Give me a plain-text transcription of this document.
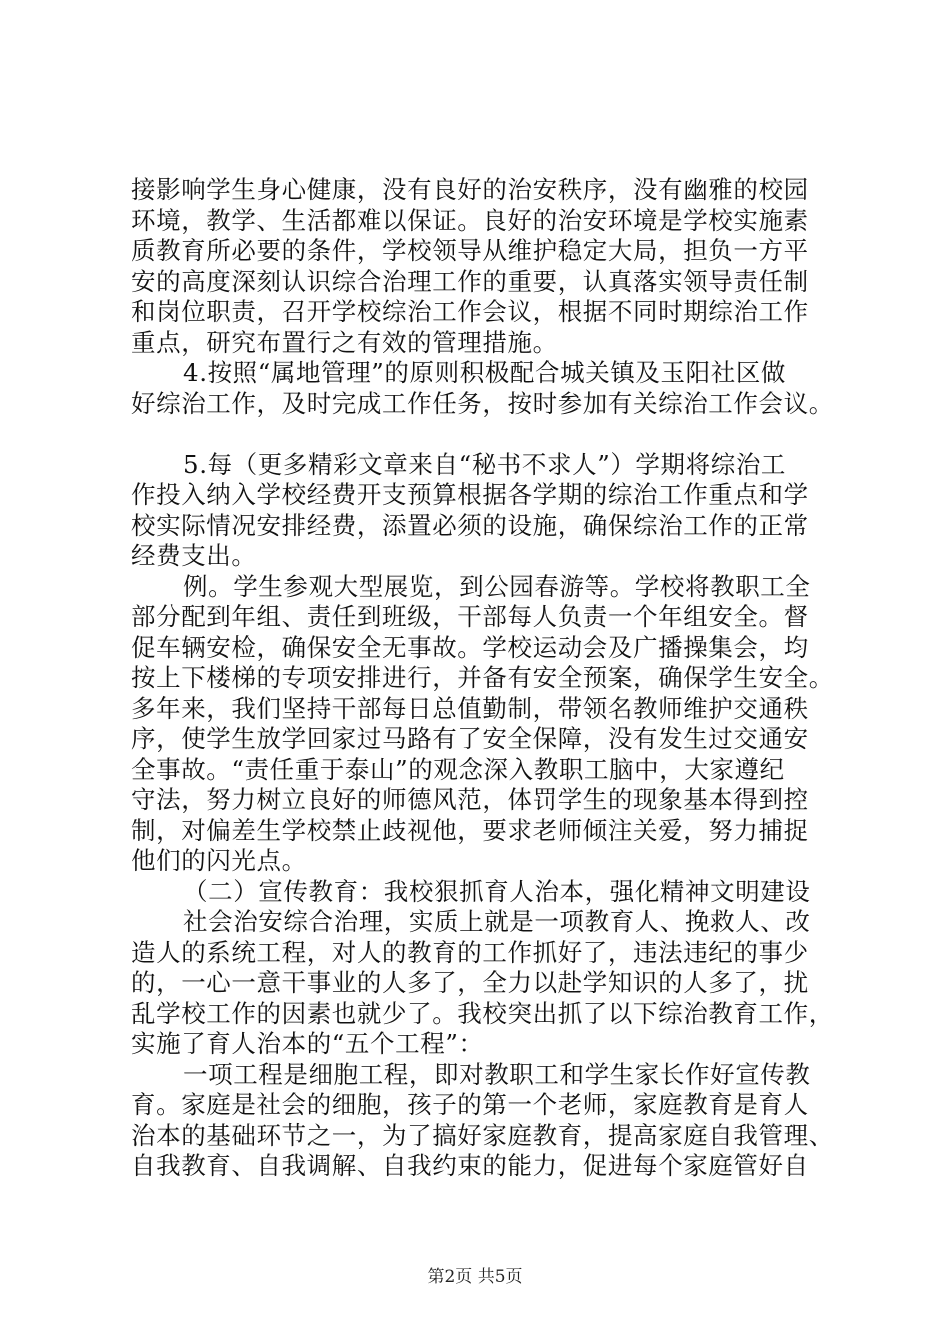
接影响学生身心健康，没有良好的治安秩序，没有幽雅的校园
环境，教学、生活都难以保证。良好的治安环境是学校实施素
质教育所必要的条件，学校领导从维护稳定大局，担负一方平
安的高度深刻认识综合治理工作的重要，认真落实领导责任制
和岗位职责，召开学校综治工作会议，根据不同时期综治工作
重点，研究布置行之有效的管理措施。
4.按照“属地管理”的原则积极配合城关镇及玉阳社区做
好综治工作，及时完成工作任务，按时参加有关综治工作会议。
5.每（更多精彩文章来自“秘书不求人”）学期将综治工
作投入纳入学校经费开支预算根据各学期的综治工作重点和学
校实际情况安排经费，添置必须的设施，确保综治工作的正常
经费支出。
例。学生参观大型展览，到公园春游等。学校将教职工全
部分配到年组、责任到班级，干部每人负责一个年组安全。督
促车辆安检，确保安全无事故。学校运动会及广播操集会，均
按上下楼梯的专项安排进行，并备有安全预案，确保学生安全。
多年来，我们坚持干部每日总值勤制，带领名教师维护交通秩
序，使学生放学回家过马路有了安全保障，没有发生过交通安
全事故。“责任重于泰山”的观念深入教职工脑中，大家遵纪
守法，努力树立良好的师德风范，体罚学生的现象基本得到控
制，对偏差生学校禁止歧视他，要求老师倾注关爱，努力捕捉
他们的闪光点。
（二）宣传教育：我校狠抓育人治本，强化精神文明建设
社会治安综合治理，实质上就是一项教育人、挽救人、改
造人的系统工程，对人的教育的工作抓好了，违法违纪的事少
的，一心一意干事业的人多了，全力以赴学知识的人多了，扰
乱学校工作的因素也就少了。我校突出抓了以下综治教育工作，
实施了育人治本的“五个工程”：
一项工程是细胞工程，即对教职工和学生家长作好宣传教
育。家庭是社会的细胞，孩子的第一个老师，家庭教育是育人
治本的基础环节之一，为了搞好家庭教育，提高家庭自我管理、
自我教育、自我调解、自我约束的能力，促进每个家庭管好自
第2页 共5页
